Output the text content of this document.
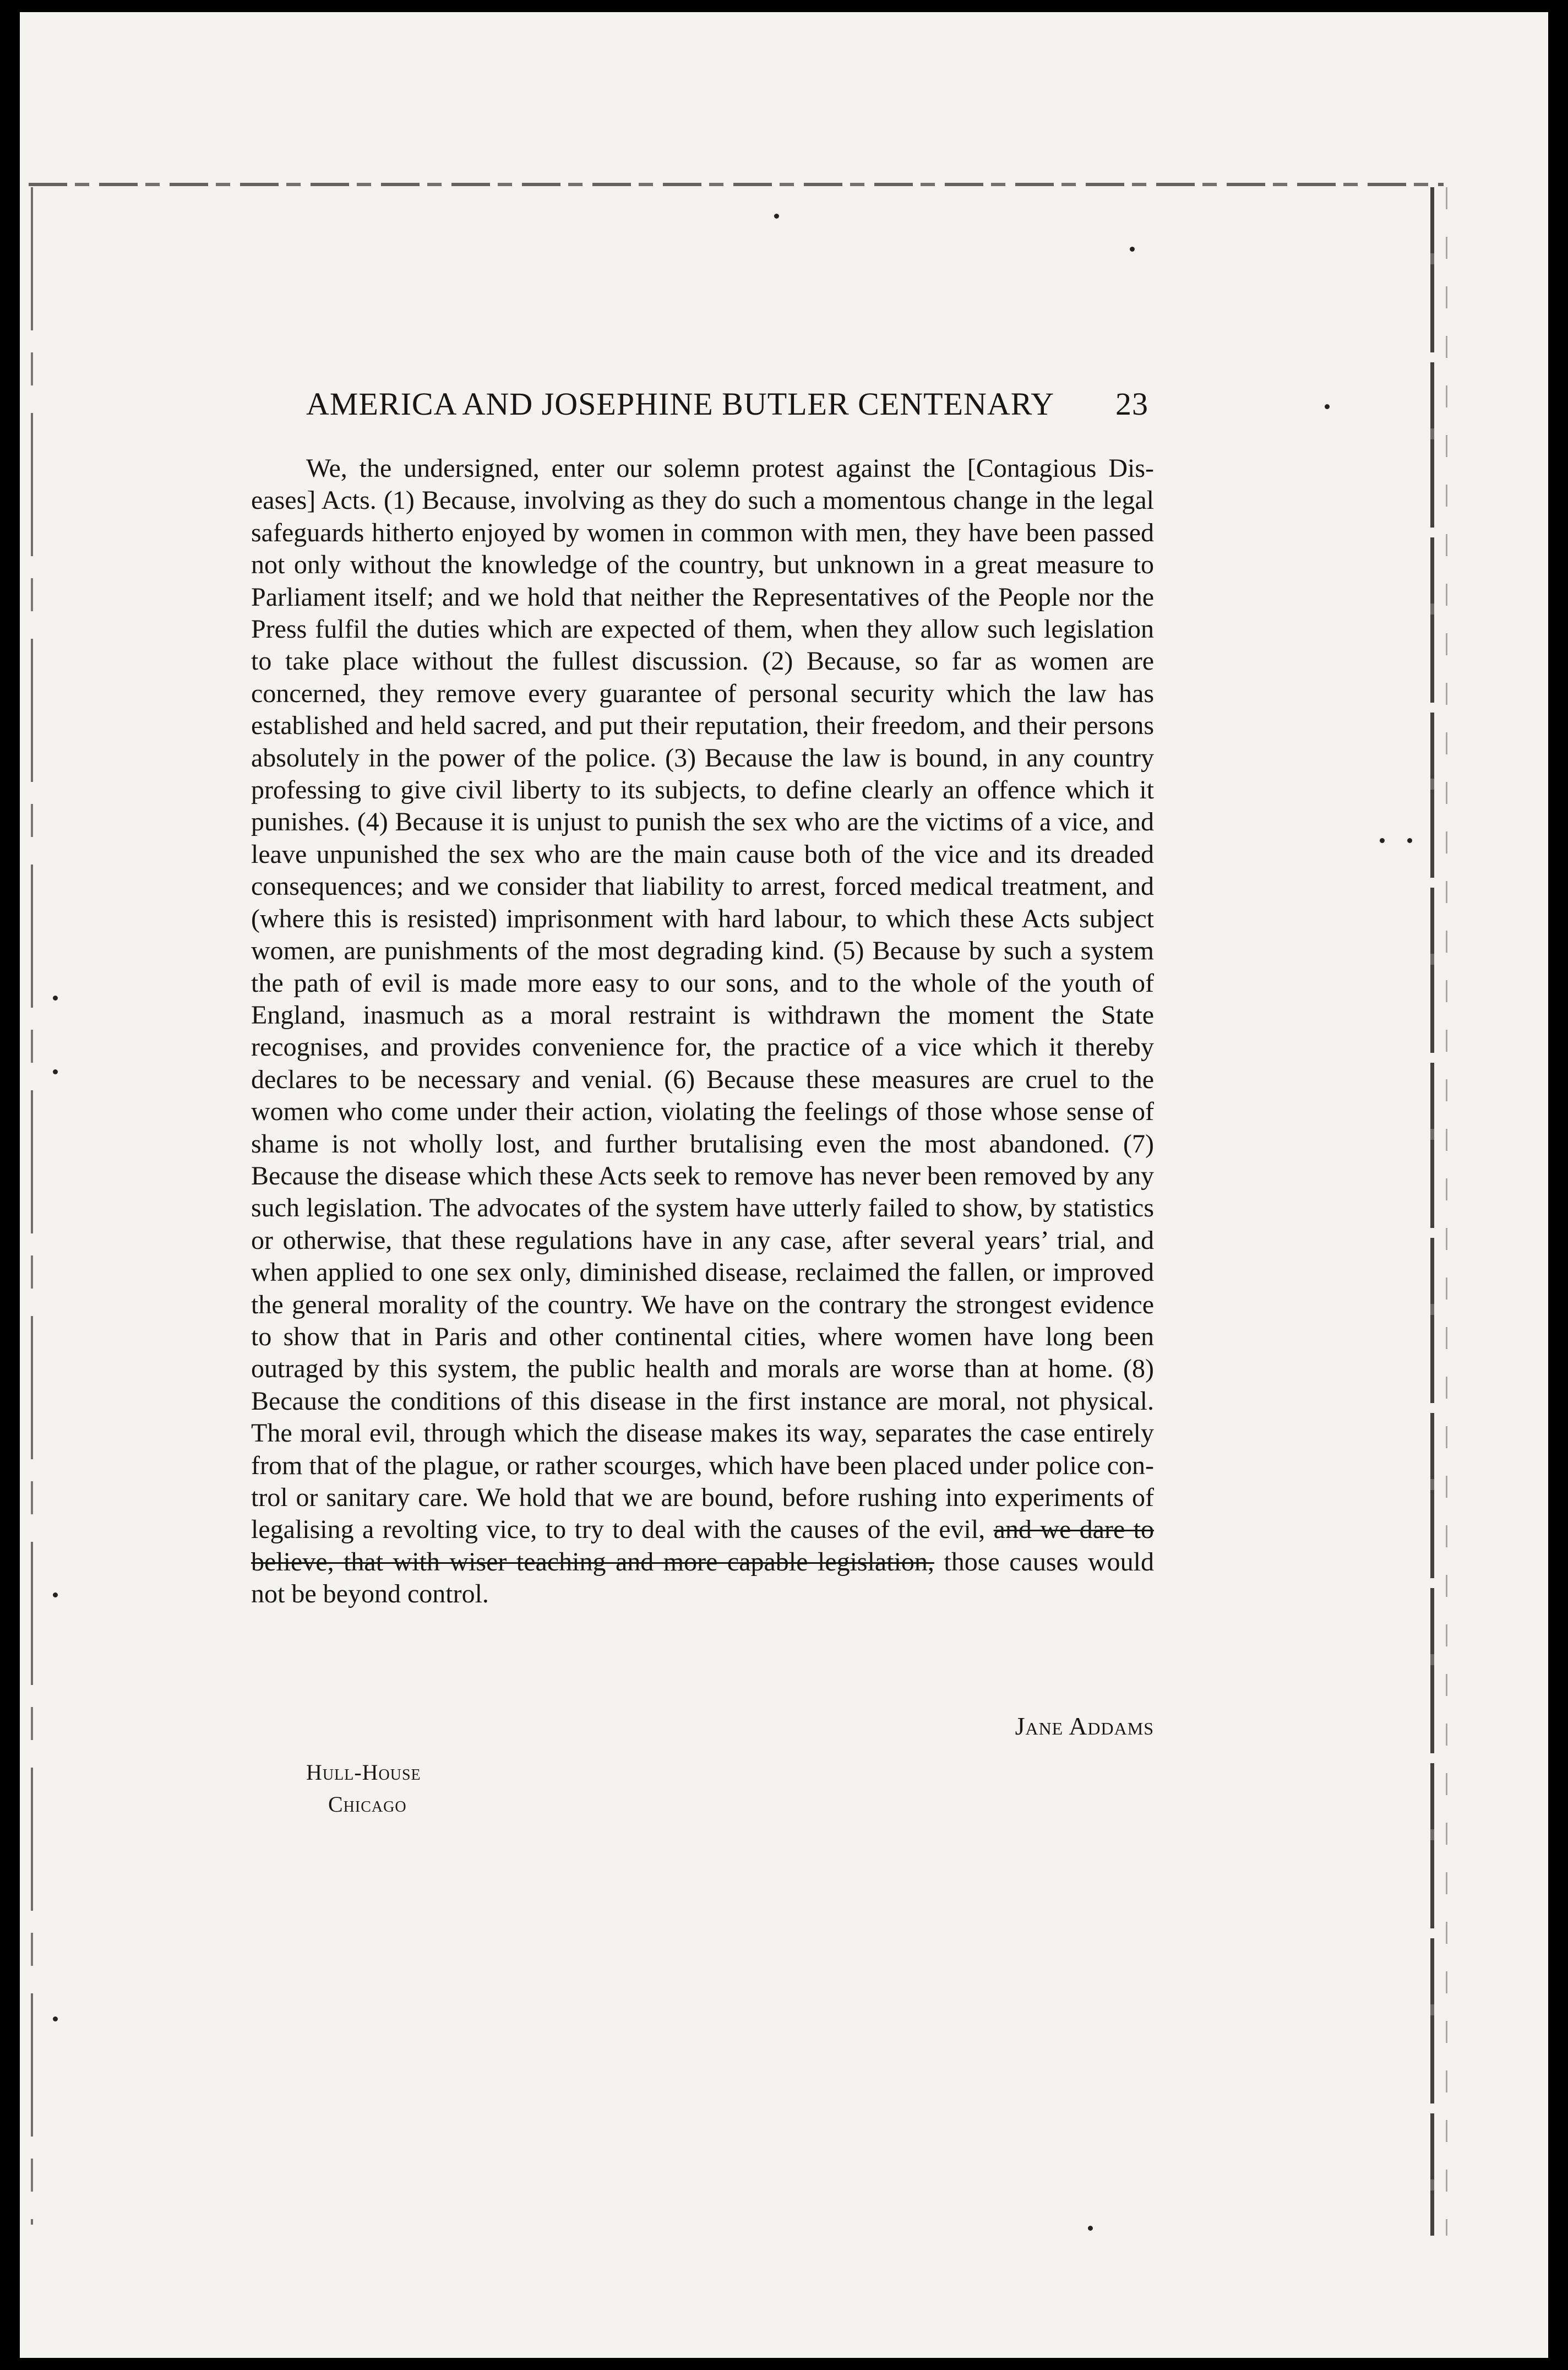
AMERICA AND JOSEPHINE BUTLER CENTENARY 23

We, the undersigned, enter our solemn protest against the [Contagious Diseases] Acts. (1) Because, involving as they do such a momentous change in the legal safeguards hitherto enjoyed by women in common with men, they have been passed not only without the knowledge of the country, but unknown in a great measure to Parliament itself; and we hold that neither the Representatives of the People nor the Press fulfil the duties which are expected of them, when they allow such legislation to take place without the fullest discussion. (2) Because, so far as women are concerned, they remove every guarantee of personal security which the law has established and held sacred, and put their reputation, their freedom, and their persons absolutely in the power of the police. (3) Because the law is bound, in any country professing to give civil liberty to its subjects, to define clearly an offence which it punishes. (4) Because it is unjust to punish the sex who are the victims of a vice, and leave unpunished the sex who are the main cause both of the vice and its dreaded consequences; and we consider that liability to arrest, forced medical treatment, and (where this is resisted) imprisonment with hard labour, to which these Acts subject women, are punishments of the most degrading kind. (5) Because by such a system the path of evil is made more easy to our sons, and to the whole of the youth of England, inasmuch as a moral restraint is withdrawn the moment the State recognises, and provides convenience for, the practice of a vice which it thereby declares to be necessary and venial. (6) Because these measures are cruel to the women who come under their action, violating the feelings of those whose sense of shame is not wholly lost, and further brutalising even the most abandoned. (7) Because the disease which these Acts seek to remove has never been removed by any such legislation. The advocates of the system have utterly failed to show, by statistics or otherwise, that these regulations have in any case, after several years’ trial, and when applied to one sex only, diminished disease, reclaimed the fallen, or improved the general morality of the country. We have on the contrary the strongest evidence to show that in Paris and other continental cities, where women have long been outraged by this system, the public health and morals are worse than at home. (8) Because the conditions of this disease in the first instance are moral, not physical. The moral evil, through which the disease makes its way, separates the case entirely from that of the plague, or rather scourges, which have been placed under police control or sanitary care. We hold that we are bound, before rushing into experiments of legalising a revolting vice, to try to deal with the causes of the evil, and we dare to believe, that with wiser teaching and more capable legislation, those causes would not be beyond control.

Jane Addams
Hull-House
Chicago
